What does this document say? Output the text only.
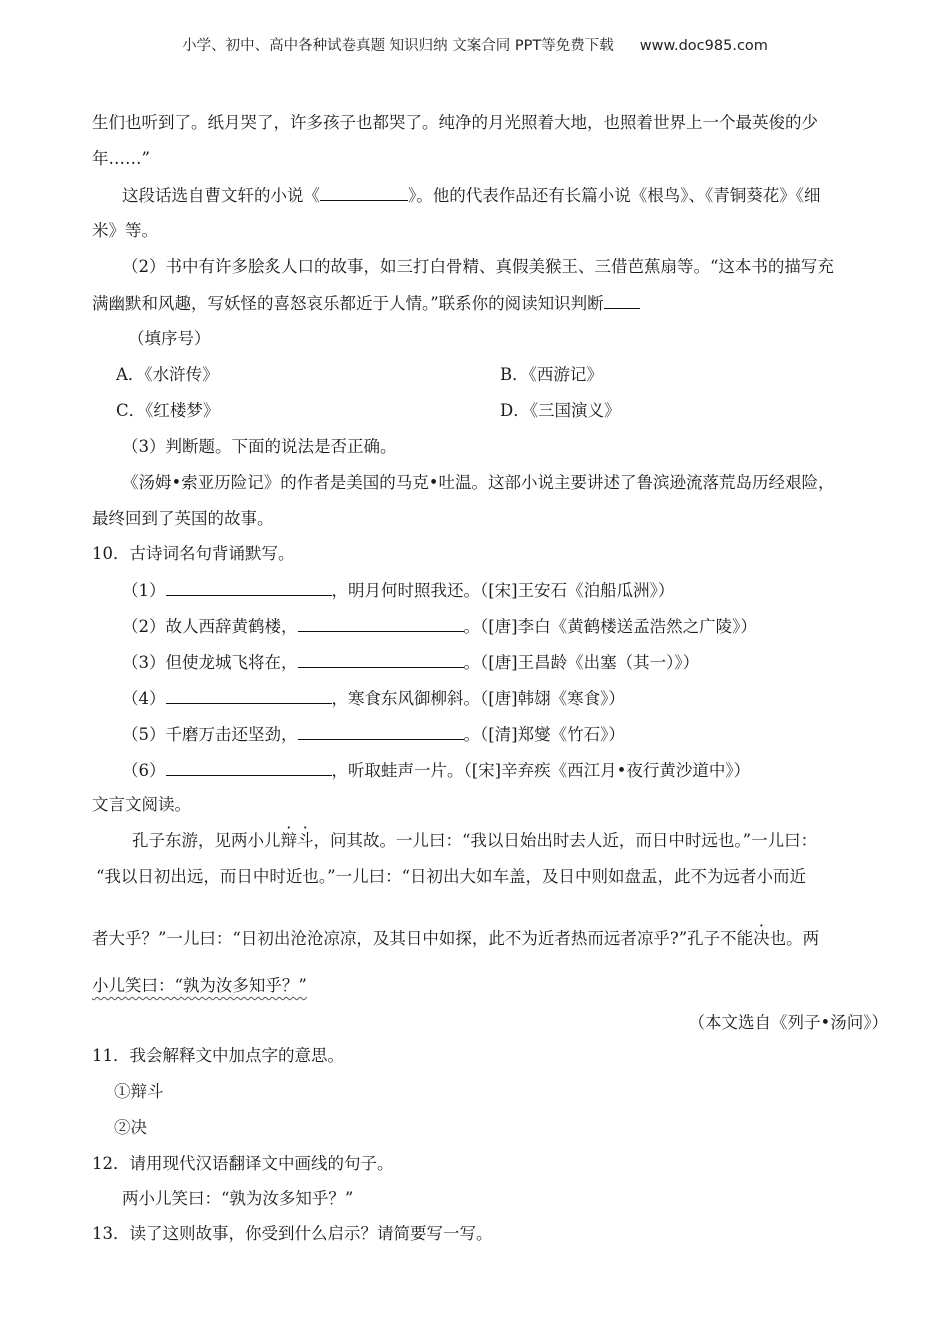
小学、初中、高中各种试卷真题 知识归纳 文案合同 PPT等免费下载 www.doc985.com
生们也听到了。纸月哭了，许多孩子也都哭了。纯净的月光照着大地，也照着世界上一个最英俊的少
年……”
这段话选自曹文轩的小说《	》。他的代表作品还有长篇小说《根鸟》、《青铜葵花》《细
米》等。
（2）书中有许多脍炙人口的故事，如三打白骨精、真假美猴王、三借芭蕉扇等。“这本书的描写充
满幽默和风趣，写妖怪的喜怒哀乐都近于人情。”联系你的阅读知识判断
（填序号）
A．《水浒传》	B．《西游记》
C．《红楼梦》	D．《三国演义》
（3）判断题。下面的说法是否正确。
《汤姆•索亚历险记》的作者是美国的马克•吐温。这部小说主要讲述了鲁滨逊流落荒岛历经艰险，
最终回到了英国的故事。
10．古诗词名句背诵默写。
（1）	，明月何时照我还。（[宋]王安石《泊船瓜洲》）
（2）故人西辞黄鹤楼，	。（[唐]李白《黄鹤楼送孟浩然之广陵》）
（3）但使龙城飞将在，	。（[唐]王昌龄《出塞（其一）》）
（4）	，寒食东风御柳斜。（[唐]韩翃《寒食》）
（5）千磨万击还坚劲，	。（[清]郑燮《竹石》）
（6）	，听取蛙声一片。（[宋]辛弃疾《西江月•夜行黄沙道中》）
文言文阅读。
孔子东游，见两小儿辩斗，问其故。一儿曰：“我以日始出时去人近，而日中时远也。”一儿曰：
“我以日初出远，而日中时近也。”一儿曰：“日初出大如车盖，及日中则如盘盂，此不为远者小而近
者大乎？”一儿曰：“日初出沧沧凉凉，及其日中如探，此不为近者热而远者凉乎?”孔子不能决也。两
小儿笑曰：“孰为汝多知乎？”
（本文选自《列子•汤问》）
11．我会解释文中加点字的意思。
①辩斗
②决
12．请用现代汉语翻译文中画线的句子。
两小儿笑曰：“孰为汝多知乎？”
13．读了这则故事，你受到什么启示？请简要写一写。
